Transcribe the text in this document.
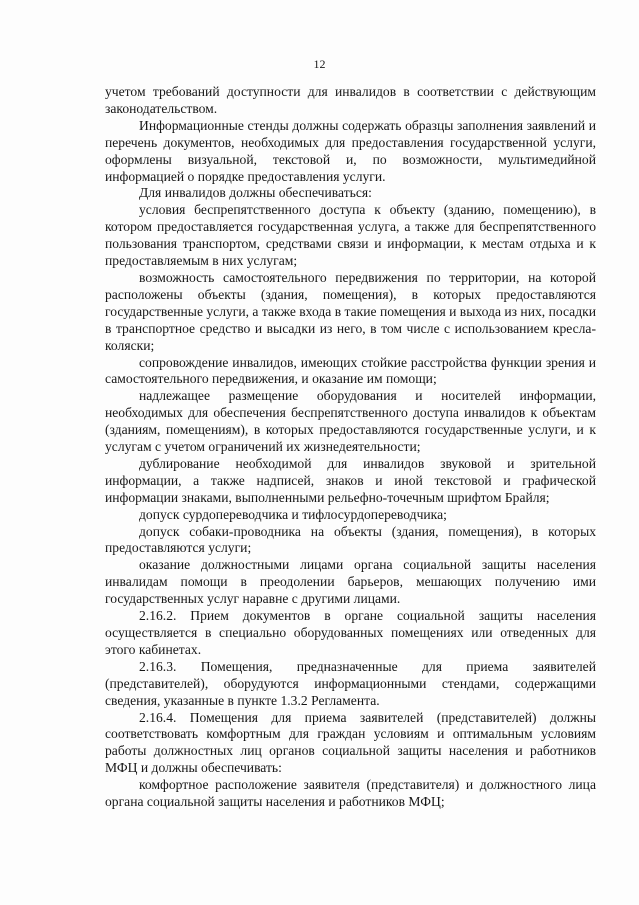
12

учетом требований доступности для инвалидов в соответствии с действующим законодательством.

Информационные стенды должны содержать образцы заполнения заявлений и перечень документов, необходимых для предоставления государственной услуги, оформлены визуальной, текстовой и, по возможности, мультимедийной информацией о порядке предоставления услуги.

Для инвалидов должны обеспечиваться:

условия беспрепятственного доступа к объекту (зданию, помещению), в котором предоставляется государственная услуга, а также для беспрепятственного пользования транспортом, средствами связи и информации, к местам отдыха и к предоставляемым в них услугам;

возможность самостоятельного передвижения по территории, на которой расположены объекты (здания, помещения), в которых предоставляются государственные услуги, а также входа в такие помещения и выхода из них, посадки в транспортное средство и высадки из него, в том числе с использованием кресла-коляски;

сопровождение инвалидов, имеющих стойкие расстройства функции зрения и самостоятельного передвижения, и оказание им помощи;

надлежащее размещение оборудования и носителей информации, необходимых для обеспечения беспрепятственного доступа инвалидов к объектам (зданиям, помещениям), в которых предоставляются государственные услуги, и к услугам с учетом ограничений их жизнедеятельности;

дублирование необходимой для инвалидов звуковой и зрительной информации, а также надписей, знаков и иной текстовой и графической информации знаками, выполненными рельефно-точечным шрифтом Брайля;

допуск сурдопереводчика и тифлосурдопереводчика;

допуск собаки-проводника на объекты (здания, помещения), в которых предоставляются услуги;

оказание должностными лицами органа социальной защиты населения инвалидам помощи в преодолении барьеров, мешающих получению ими государственных услуг наравне с другими лицами.

2.16.2. Прием документов в органе социальной защиты населения осуществляется в специально оборудованных помещениях или отведенных для этого кабинетах.

2.16.3. Помещения, предназначенные для приема заявителей (представителей), оборудуются информационными стендами, содержащими сведения, указанные в пункте 1.3.2 Регламента.

2.16.4. Помещения для приема заявителей (представителей) должны соответствовать комфортным для граждан условиям и оптимальным условиям работы должностных лиц органов социальной защиты населения и работников МФЦ и должны обеспечивать:

комфортное расположение заявителя (представителя) и должностного лица органа социальной защиты населения и работников МФЦ;
